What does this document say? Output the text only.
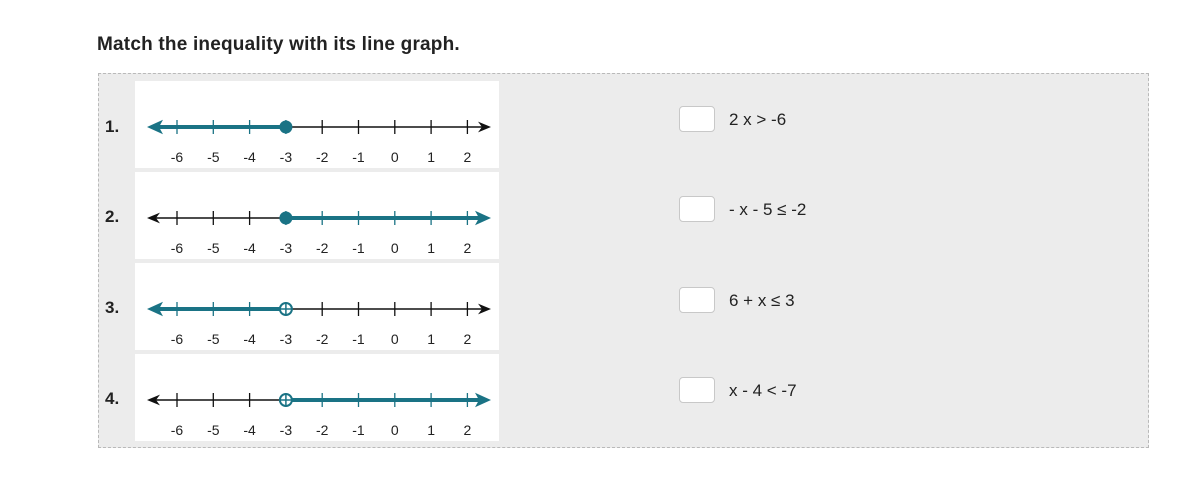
Match the inequality with its line graph.
1.
2.
3.
4.
-6 -5 -4 -3 -2 -1 0 1 2
-6 -5 -4 -3 -2 -1 0 1 2
-6 -5 -4 -3 -2 -1 0 1 2
-6 -5 -4 -3 -2 -1 0 1 2
2 x > -6
- x - 5 ≤ -2
6 + x ≤ 3
x - 4 < -7
